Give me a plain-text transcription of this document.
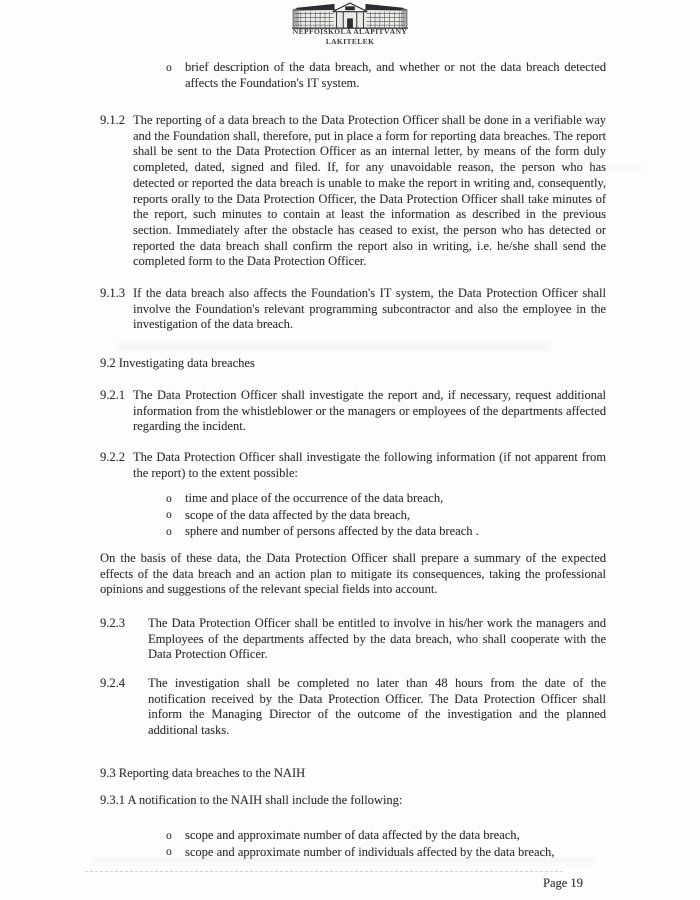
NÉPFŐISKOLA ALAPÍTVÁNY
LAKITELEK
o brief description of the data breach, and whether or not the data breach detected affects the Foundation's IT system.
9.1.2 The reporting of a data breach to the Data Protection Officer shall be done in a verifiable way and the Foundation shall, therefore, put in place a form for reporting data breaches. The report shall be sent to the Data Protection Officer as an internal letter, by means of the form duly completed, dated, signed and filed. If, for any unavoidable reason, the person who has detected or reported the data breach is unable to make the report in writing and, consequently, reports orally to the Data Protection Officer, the Data Protection Officer shall take minutes of the report, such minutes to contain at least the information as described in the previous section. Immediately after the obstacle has ceased to exist, the person who has detected or reported the data breach shall confirm the report also in writing, i.e. he/she shall send the completed form to the Data Protection Officer.
9.1.3 If the data breach also affects the Foundation's IT system, the Data Protection Officer shall involve the Foundation's relevant programming subcontractor and also the employee in the investigation of the data breach.
9.2 Investigating data breaches
9.2.1 The Data Protection Officer shall investigate the report and, if necessary, request additional information from the whistleblower or the managers or employees of the departments affected regarding the incident.
9.2.2 The Data Protection Officer shall investigate the following information (if not apparent from the report) to the extent possible:
o time and place of the occurrence of the data breach,
o scope of the data affected by the data breach,
o sphere and number of persons affected by the data breach .
On the basis of these data, the Data Protection Officer shall prepare a summary of the expected effects of the data breach and an action plan to mitigate its consequences, taking the professional opinions and suggestions of the relevant special fields into account.
9.2.3 The Data Protection Officer shall be entitled to involve in his/her work the managers and Employees of the departments affected by the data breach, who shall cooperate with the Data Protection Officer.
9.2.4 The investigation shall be completed no later than 48 hours from the date of the notification received by the Data Protection Officer. The Data Protection Officer shall inform the Managing Director of the outcome of the investigation and the planned additional tasks.
9.3 Reporting data breaches to the NAIH
9.3.1 A notification to the NAIH shall include the following:
o scope and approximate number of data affected by the data breach,
o scope and approximate number of individuals affected by the data breach,
Page 19
